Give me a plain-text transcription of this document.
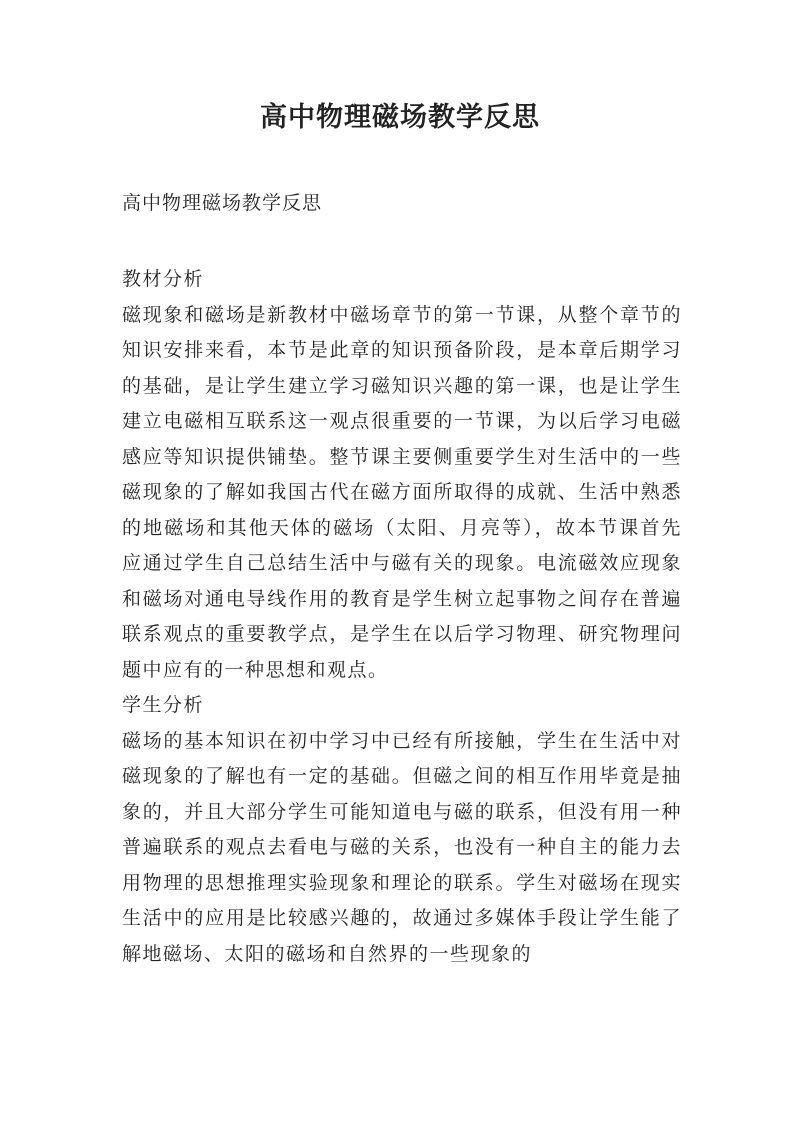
高中物理磁场教学反思

高中物理磁场教学反思

教材分析

磁现象和磁场是新教材中磁场章节的第一节课，从整个章节的知识安排来看，本节是此章的知识预备阶段，是本章后期学习的基础，是让学生建立学习磁知识兴趣的第一课，也是让学生建立电磁相互联系这一观点很重要的一节课，为以后学习电磁感应等知识提供铺垫。整节课主要侧重要学生对生活中的一些磁现象的了解如我国古代在磁方面所取得的成就、生活中熟悉的地磁场和其他天体的磁场（太阳、月亮等），故本节课首先应通过学生自己总结生活中与磁有关的现象。电流磁效应现象和磁场对通电导线作用的教育是学生树立起事物之间存在普遍联系观点的重要教学点，是学生在以后学习物理、研究物理问题中应有的一种思想和观点。

学生分析

磁场的基本知识在初中学习中已经有所接触，学生在生活中对磁现象的了解也有一定的基础。但磁之间的相互作用毕竟是抽象的，并且大部分学生可能知道电与磁的联系，但没有用一种普遍联系的观点去看电与磁的关系，也没有一种自主的能力去用物理的思想推理实验现象和理论的联系。学生对磁场在现实生活中的应用是比较感兴趣的，故通过多媒体手段让学生能了解地磁场、太阳的磁场和自然界的一些现象的
